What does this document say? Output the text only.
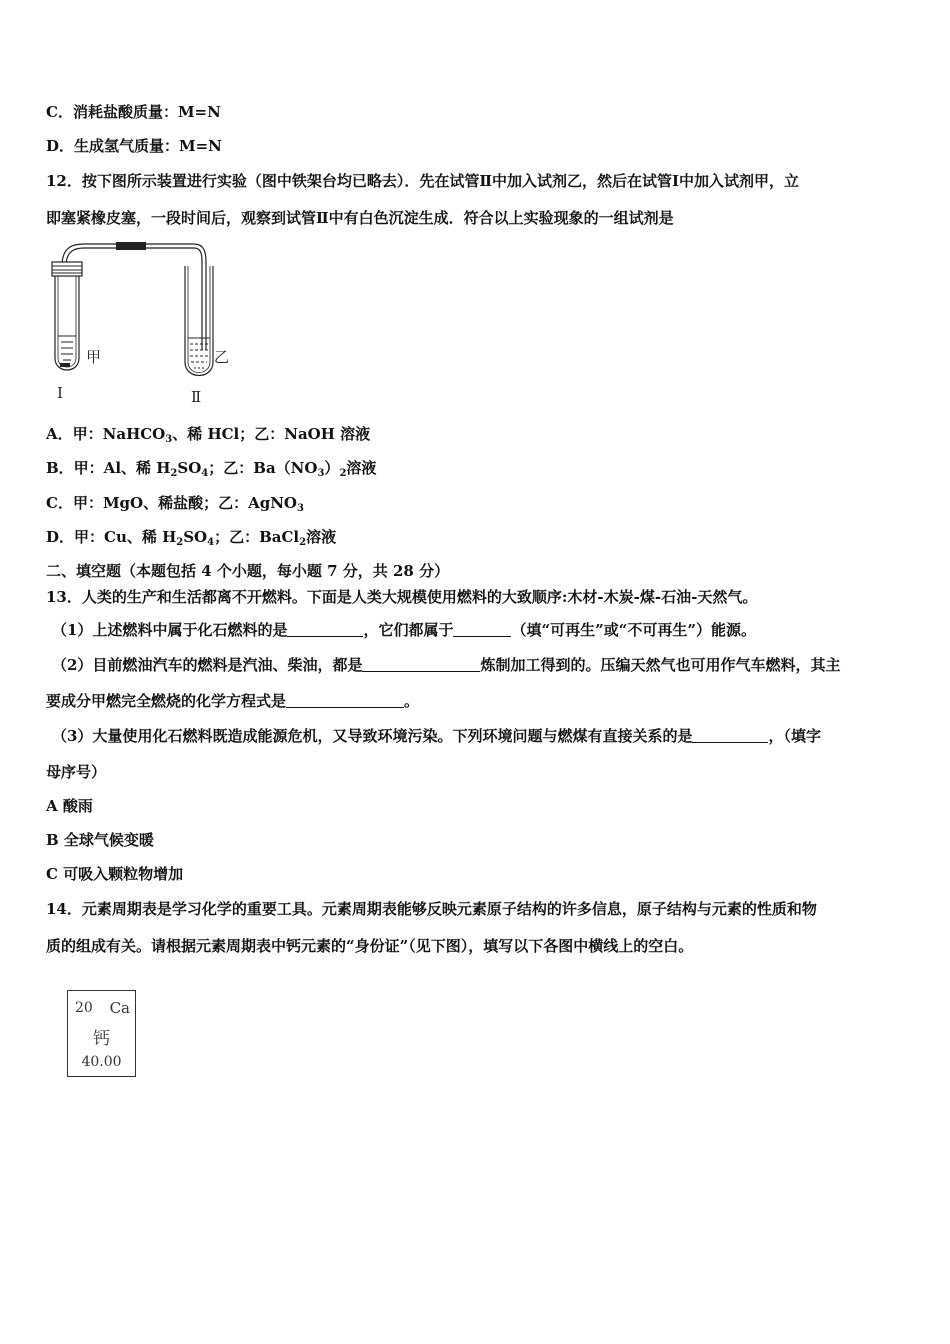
C．消耗盐酸质量：M=N
D．生成氢气质量：M=N
12．按下图所示装置进行实验（图中铁架台均已略去）．先在试管Ⅱ中加入试剂乙，然后在试管Ⅰ中加入试剂甲，立
即塞紧橡皮塞，一段时间后，观察到试管Ⅱ中有白色沉淀生成．符合以上实验现象的一组试剂是
甲	乙
Ⅰ	Ⅱ
A．甲：NaHCO$_3$、稀 HCl；乙：NaOH 溶液
B．甲：Al、稀 $H_2SO_4$；乙：$Ba(NO_3)_2$溶液
C．甲：MgO、稀盐酸；乙：AgNO$_3$
D．甲：Cu、稀 $H_2SO_4$；乙：BaCl$_2$溶液
二、填空题（本题包括 4 个小题，每小题 7 分，共 28 分）
13．人类的生产和生活都离不开燃料。下面是人类大规模使用燃料的大致顺序:木材-木炭-煤-石油-天然气。
（1）上述燃料中属于化石燃料的是	，它们都属于	（填“可再生”或“不可再生”）能源。
（2）目前燃油汽车的燃料是汽油、柴油，都是	炼制加工得到的。压编天然气也可用作气车燃料，其主
要成分甲燃完全燃烧的化学方程式是	。
（3）大量使用化石燃料既造成能源危机，又导致环境污染。下列环境问题与燃煤有直接关系的是	，（填字
母序号）
A 酸雨
B 全球气候变暖
C 可吸入颗粒物增加
14．元素周期表是学习化学的重要工具。元素周期表能够反映元素原子结构的许多信息，原子结构与元素的性质和物
质的组成有关。请根据元素周期表中钙元素的“身份证”（见下图），填写以下各图中横线上的空白。
20 Ca
钙
40.00
